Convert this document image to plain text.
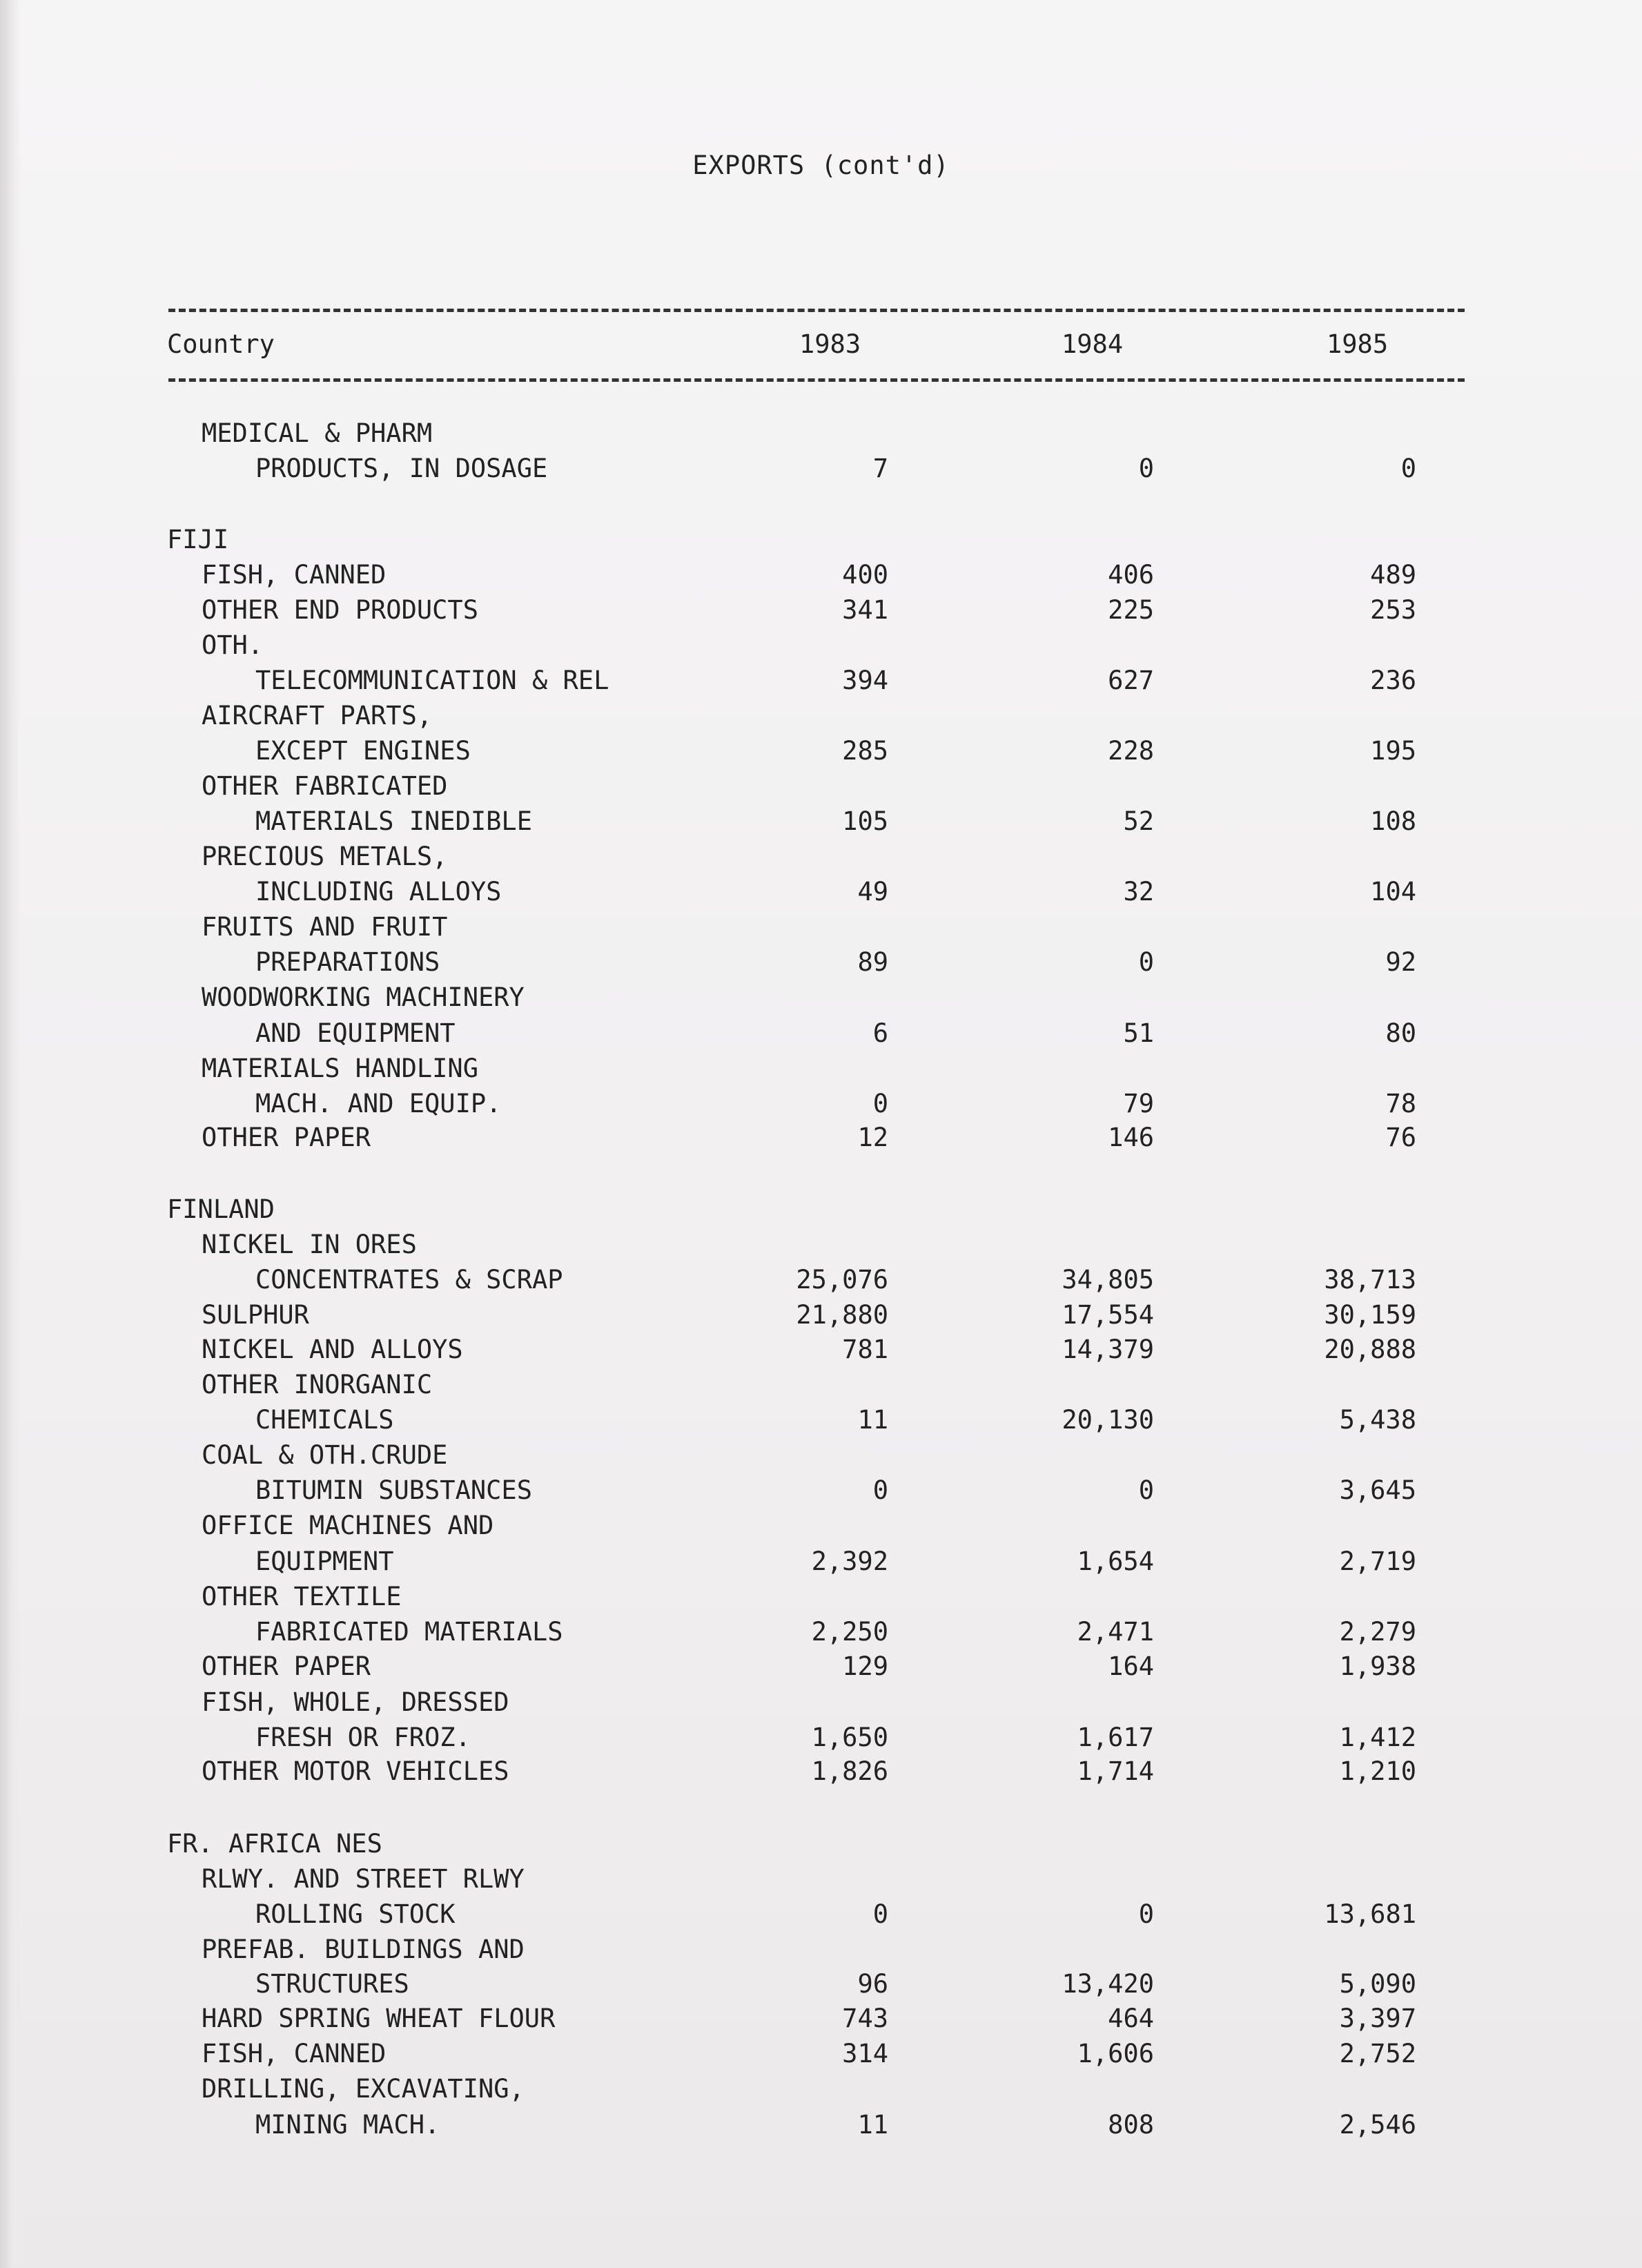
EXPORTS (cont'd)
Country	1983	1984	1985
MEDICAL & PHARM
PRODUCTS, IN DOSAGE	7	0	0
FIJI
FISH, CANNED	400	406	489
OTHER END PRODUCTS	341	225	253
OTH.
TELECOMMUNICATION & REL	394	627	236
AIRCRAFT PARTS,
EXCEPT ENGINES	285	228	195
OTHER FABRICATED
MATERIALS INEDIBLE	105	52	108
PRECIOUS METALS,
INCLUDING ALLOYS	49	32	104
FRUITS AND FRUIT
PREPARATIONS	89	0	92
WOODWORKING MACHINERY
AND EQUIPMENT	6	51	80
MATERIALS HANDLING
MACH. AND EQUIP.	0	79	78
OTHER PAPER	12	146	76
FINLAND
NICKEL IN ORES
CONCENTRATES & SCRAP	25,076	34,805	38,713
SULPHUR	21,880	17,554	30,159
NICKEL AND ALLOYS	781	14,379	20,888
OTHER INORGANIC
CHEMICALS	11	20,130	5,438
COAL & OTH.CRUDE
BITUMIN SUBSTANCES	0	0	3,645
OFFICE MACHINES AND
EQUIPMENT	2,392	1,654	2,719
OTHER TEXTILE
FABRICATED MATERIALS	2,250	2,471	2,279
OTHER PAPER	129	164	1,938
FISH, WHOLE, DRESSED
FRESH OR FROZ.	1,650	1,617	1,412
OTHER MOTOR VEHICLES	1,826	1,714	1,210
FR. AFRICA NES
RLWY. AND STREET RLWY
ROLLING STOCK	0	0	13,681
PREFAB. BUILDINGS AND
STRUCTURES	96	13,420	5,090
HARD SPRING WHEAT FLOUR	743	464	3,397
FISH, CANNED	314	1,606	2,752
DRILLING, EXCAVATING,
MINING MACH.	11	808	2,546
